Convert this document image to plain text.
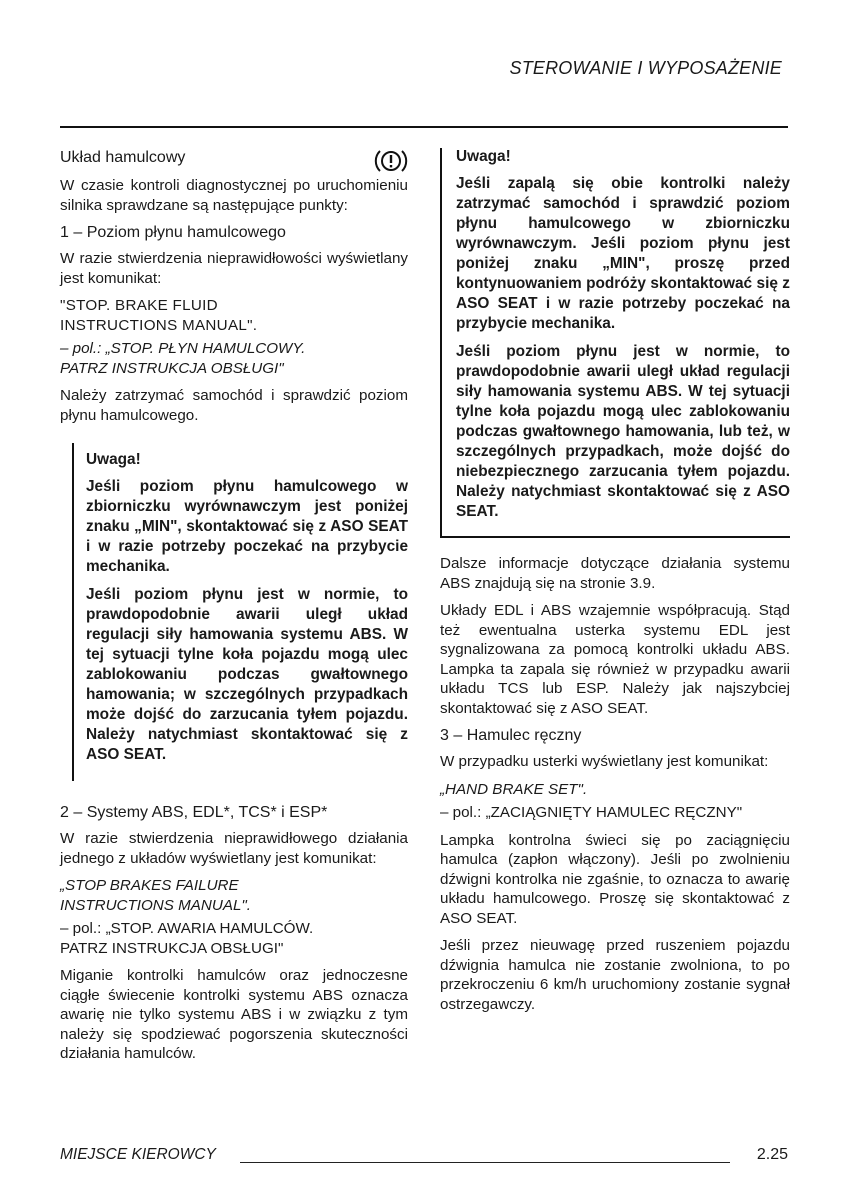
STEROWANIE I WYPOSAŻENIE
Układ hamulcowy

W czasie kontroli diagnostycznej po uruchomieniu silnika sprawdzane są następujące punkty:

1 – Poziom płynu hamulcowego

W razie stwierdzenia nieprawidłowości wyświetlany jest komunikat:

"STOP. BRAKE FLUID
INSTRUCTIONS MANUAL".

– pol.: „STOP. PŁYN HAMULCOWY.
PATRZ INSTRUKCJA OBSŁUGI"

Należy zatrzymać samochód i sprawdzić poziom płynu hamulcowego.

Uwaga!

Jeśli poziom płynu hamulcowego w zbiorniczku wyrównawczym jest poniżej znaku „MIN", skontaktować się z ASO SEAT i w razie potrzeby poczekać na przybycie mechanika.

Jeśli poziom płynu jest w normie, to prawdopodobnie awarii uległ układ regulacji siły hamowania systemu ABS. W tej sytuacji tylne koła pojazdu mogą ulec zablokowaniu podczas gwałtownego hamowania; w szczególnych przypadkach może dojść do zarzucania tyłem pojazdu. Należy natychmiast skontaktować się z ASO SEAT.

2 – Systemy ABS, EDL*, TCS* i ESP*

W razie stwierdzenia nieprawidłowego działania jednego z układów wyświetlany jest komunikat:

„STOP BRAKES FAILURE
INSTRUCTIONS MANUAL".

– pol.: „STOP. AWARIA HAMULCÓW.
PATRZ INSTRUKCJA OBSŁUGI"

Miganie kontrolki hamulców oraz jednoczesne ciągłe świecenie kontrolki systemu ABS oznacza awarię nie tylko systemu ABS i w związku z tym należy się spodziewać pogorszenia skuteczności działania hamulców.

Uwaga!

Jeśli zapalą się obie kontrolki należy zatrzymać samochód i sprawdzić poziom płynu hamulcowego w zbiorniczku wyrównawczym. Jeśli poziom płynu jest poniżej znaku „MIN", proszę przed kontynuowaniem podróży skontaktować się z ASO SEAT i w razie potrzeby poczekać na przybycie mechanika.

Jeśli poziom płynu jest w normie, to prawdopodobnie awarii uległ układ regulacji siły hamowania systemu ABS. W tej sytuacji tylne koła pojazdu mogą ulec zablokowaniu podczas gwałtownego hamowania, lub też, w szczególnych przypadkach, może dojść do niebezpiecznego zarzucania tyłem pojazdu. Należy natychmiast skontaktować się z ASO SEAT.

Dalsze informacje dotyczące działania systemu ABS znajdują się na stronie 3.9.

Układy EDL i ABS wzajemnie współpracują. Stąd też ewentualna usterka systemu EDL jest sygnalizowana za pomocą kontrolki układu ABS. Lampka ta zapala się również w przypadku awarii układu TCS lub ESP. Należy jak najszybciej skontaktować się z ASO SEAT.

3 – Hamulec ręczny

W przypadku usterki wyświetlany jest komunikat:

„HAND BRAKE SET".

– pol.: „ZACIĄGNIĘTY HAMULEC RĘCZNY"

Lampka kontrolna świeci się po zaciągnięciu hamulca (zapłon włączony). Jeśli po zwolnieniu dźwigni kontrolka nie zgaśnie, to oznacza to awarię układu hamulcowego. Proszę się skontaktować z ASO SEAT.

Jeśli przez nieuwagę przed ruszeniem pojazdu dźwignia hamulca nie zostanie zwolniona, to po przekroczeniu 6 km/h uruchomiony zostanie sygnał ostrzegawczy.

MIEJSCE KIEROWCY	2.25
